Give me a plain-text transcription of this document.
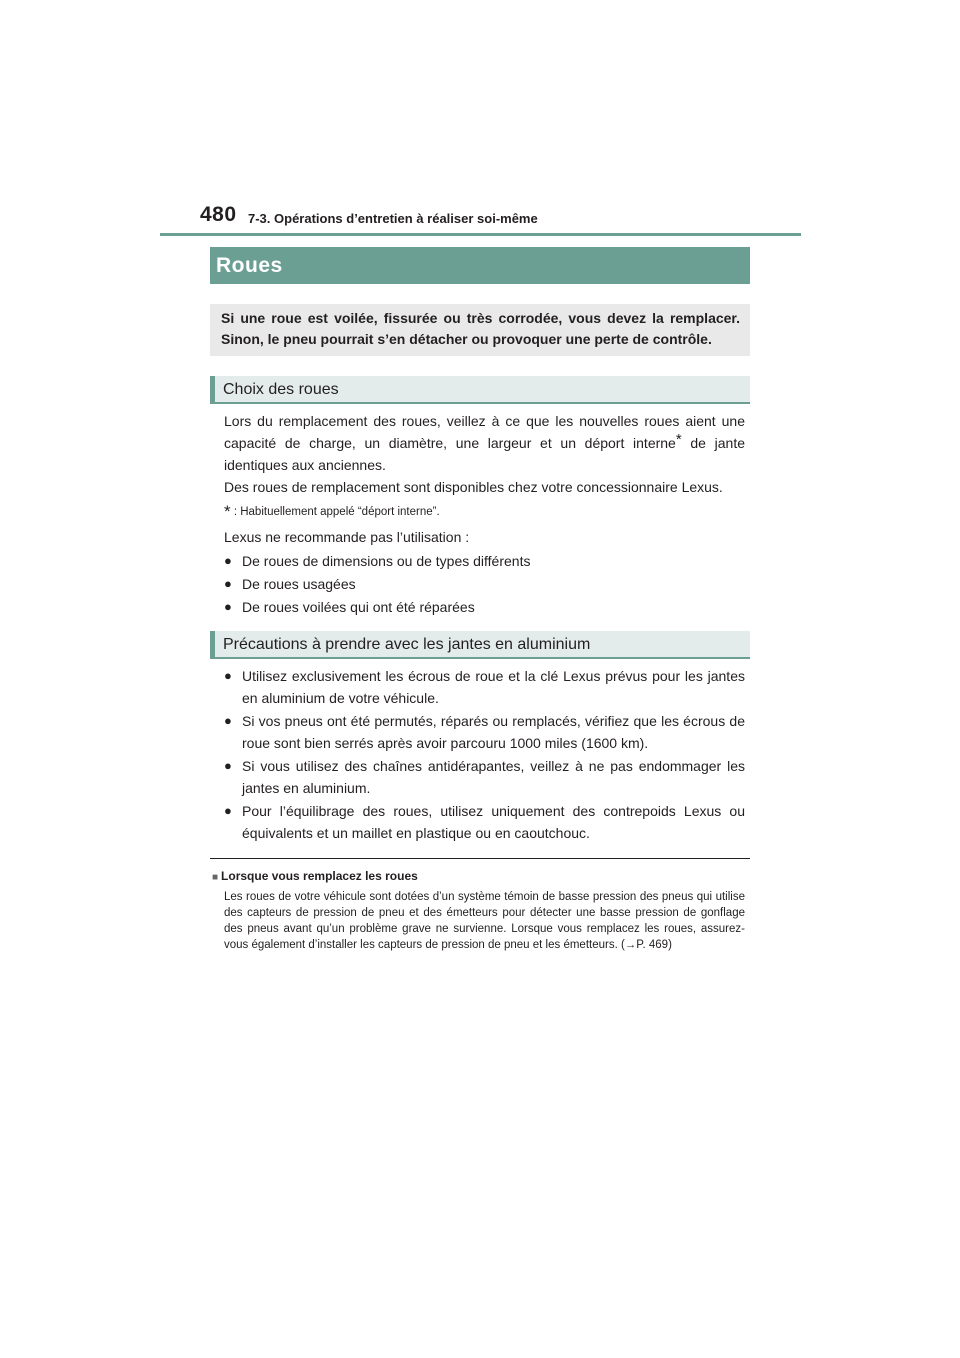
480 7-3. Opérations d’entretien à réaliser soi-même
Roues
Si une roue est voilée, fissurée ou très corrodée, vous devez la remplacer.
Sinon, le pneu pourrait s’en détacher ou provoquer une perte de contrôle.
Choix des roues

Lors du remplacement des roues, veillez à ce que les nouvelles roues aient une

capacité de charge, un diamètre, une largeur et un déport interne* de jante

identiques aux anciennes.

Des roues de remplacement sont disponibles chez votre concessionnaire Lexus.

* : Habituellement appelé “déport interne”.

Lexus ne recommande pas l’utilisation :

● De roues de dimensions ou de types différents
● De roues usagées
● De roues voilées qui ont été réparées
Précautions à prendre avec les jantes en aluminium
● Utilisez exclusivement les écrous de roue et la clé Lexus prévus pour les jantes en aluminium de votre véhicule.
● Si vos pneus ont été permutés, réparés ou remplacés, vérifiez que les écrous de roue sont bien serrés après avoir parcouru 1000 miles (1600 km).
● Si vous utilisez des chaînes antidérapantes, veillez à ne pas endommager les jantes en aluminium.
● Pour l’équilibrage des roues, utilisez uniquement des contrepoids Lexus ou équivalents et un maillet en plastique ou en caoutchouc.
■ Lorsque vous remplacez les roues
Les roues de votre véhicule sont dotées d’un système témoin de basse pression des pneus qui utilise des capteurs de pression de pneu et des émetteurs pour détecter une basse pression de gonflage des pneus avant qu’un problème grave ne survienne. Lorsque vous remplacez les roues, assurez-vous également d’installer les capteurs de pression de pneu et les émetteurs. (→P. 469)
